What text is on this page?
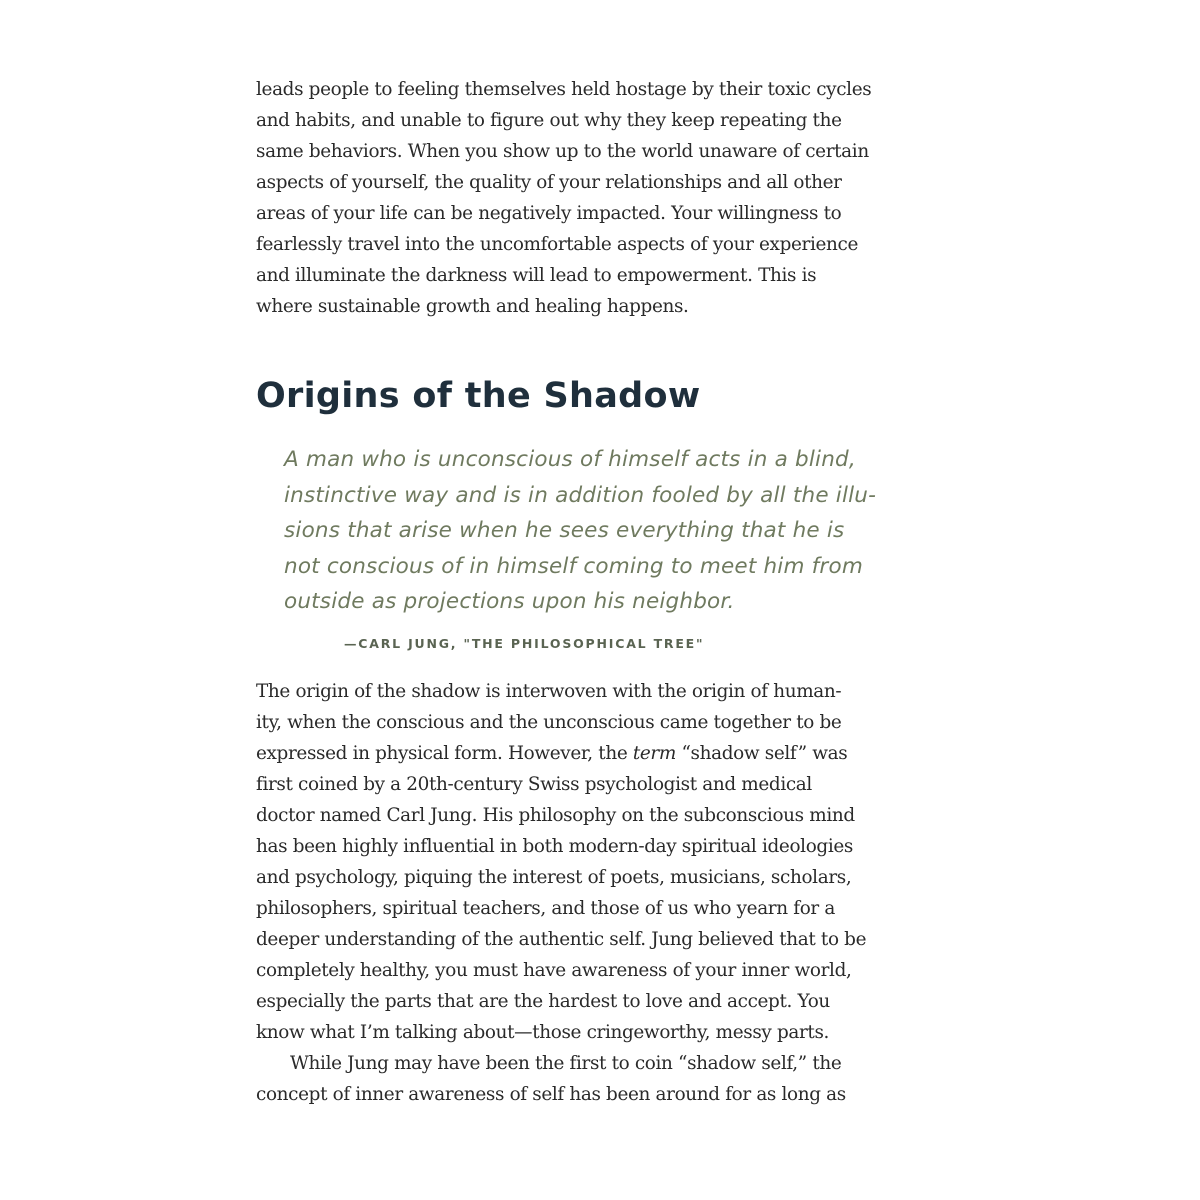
leads people to feeling themselves held hostage by their toxic cycles
and habits, and unable to figure out why they keep repeating the
same behaviors. When you show up to the world unaware of certain
aspects of yourself, the quality of your relationships and all other
areas of your life can be negatively impacted. Your willingness to
fearlessly travel into the uncomfortable aspects of your experience
and illuminate the darkness will lead to empowerment. This is
where sustainable growth and healing happens.
Origins of the Shadow
A man who is unconscious of himself acts in a blind,
instinctive way and is in addition fooled by all the illu-
sions that arise when he sees everything that he is
not conscious of in himself coming to meet him from
outside as projections upon his neighbor.
—CARL JUNG, "THE PHILOSOPHICAL TREE"
The origin of the shadow is interwoven with the origin of human-
ity, when the conscious and the unconscious came together to be
expressed in physical form. However, the term “shadow self” was
first coined by a 20th-century Swiss psychologist and medical
doctor named Carl Jung. His philosophy on the subconscious mind
has been highly influential in both modern-day spiritual ideologies
and psychology, piquing the interest of poets, musicians, scholars,
philosophers, spiritual teachers, and those of us who yearn for a
deeper understanding of the authentic self. Jung believed that to be
completely healthy, you must have awareness of your inner world,
especially the parts that are the hardest to love and accept. You
know what I’m talking about—those cringeworthy, messy parts.
While Jung may have been the first to coin “shadow self,” the
concept of inner awareness of self has been around for as long as
